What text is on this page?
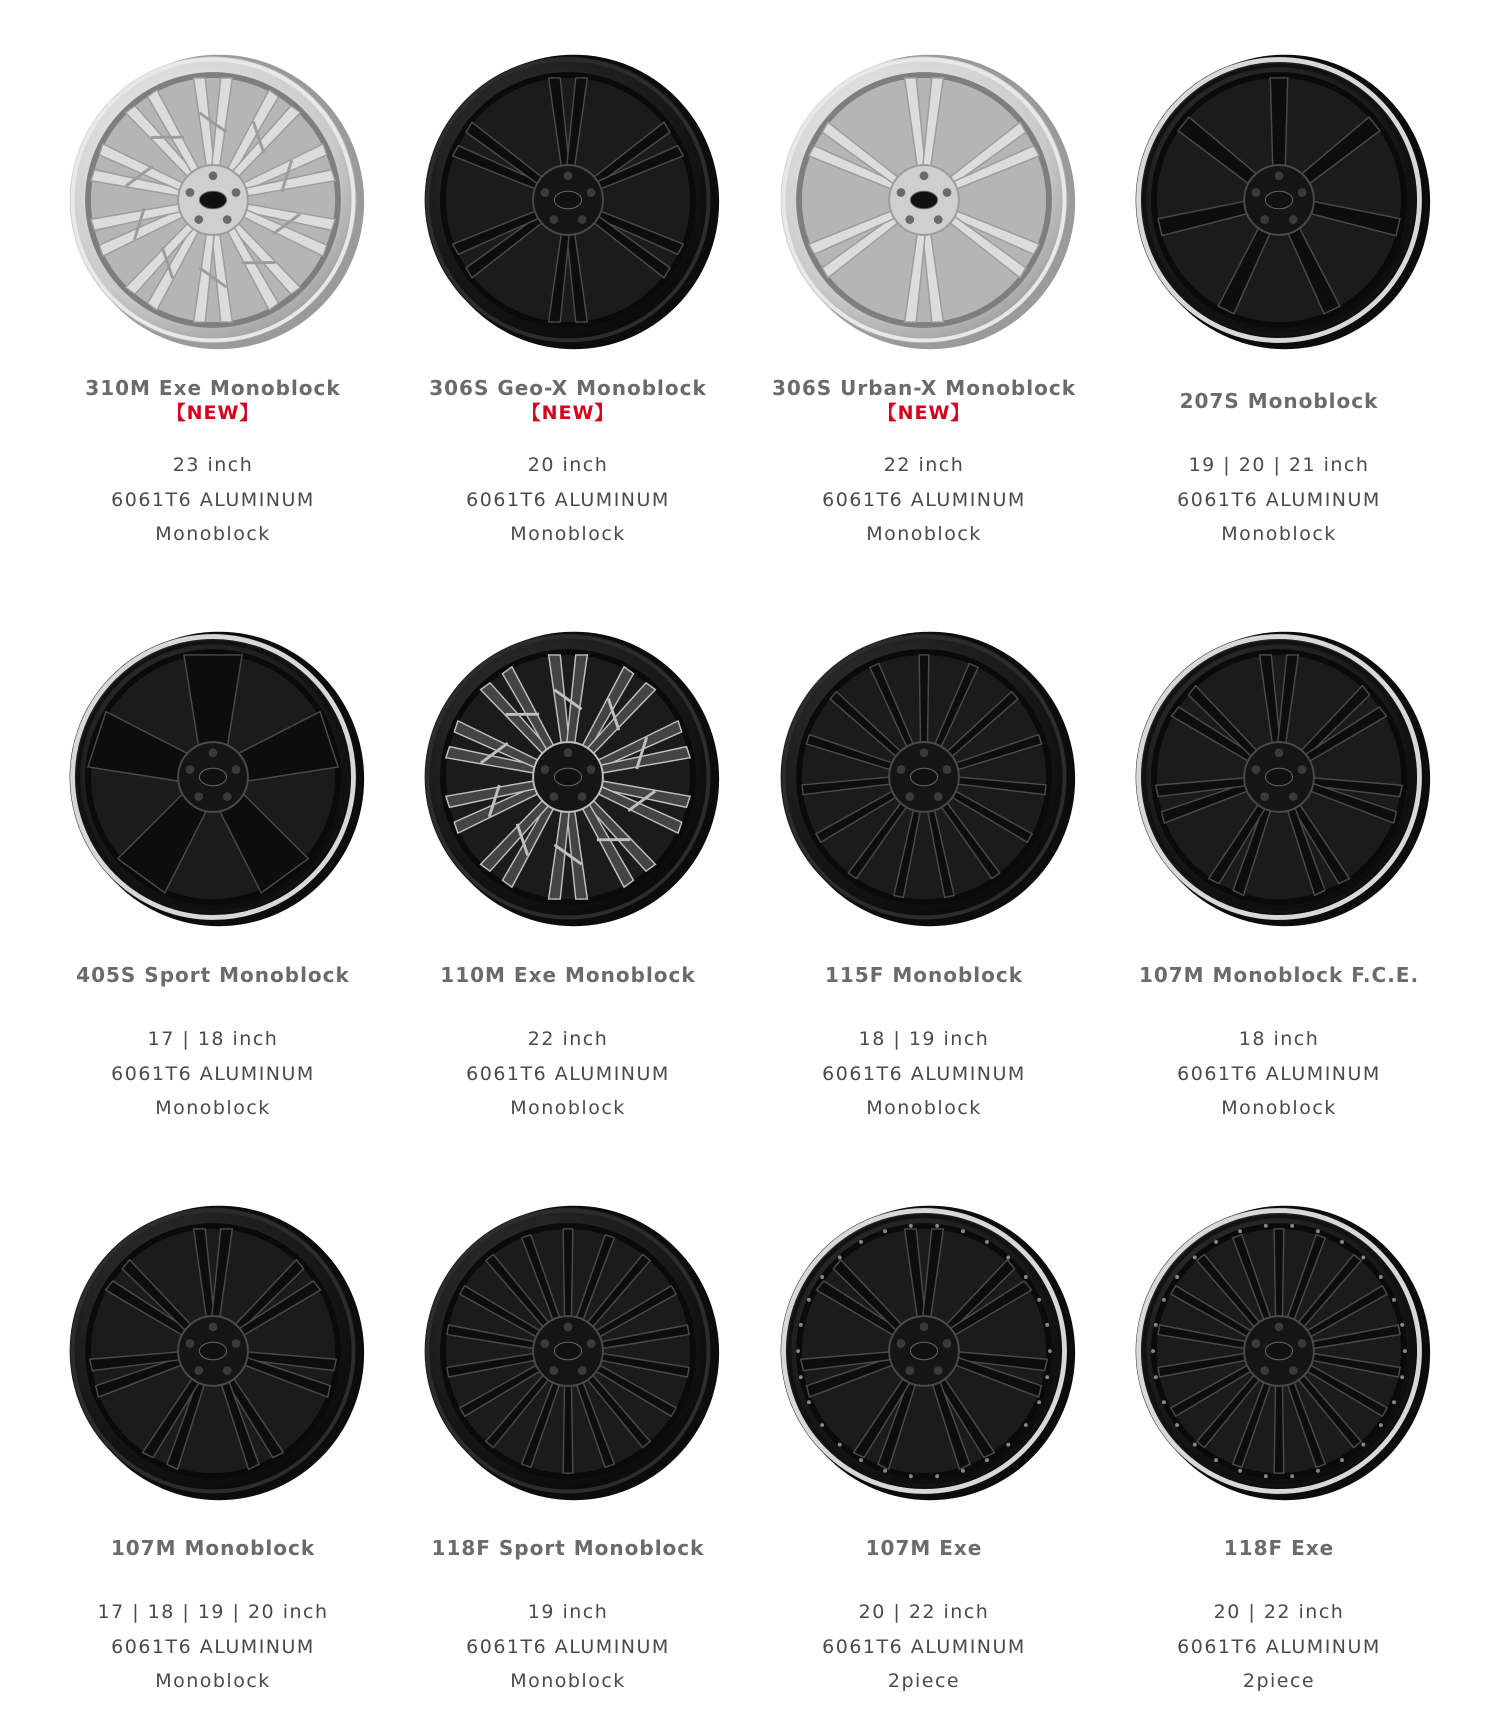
310M Exe Monoblock
【NEW】
23 inch
6061T6 ALUMINUM
Monoblock
306S Geo-X Monoblock
【NEW】
20 inch
6061T6 ALUMINUM
Monoblock
306S Urban-X Monoblock
【NEW】
22 inch
6061T6 ALUMINUM
Monoblock
207S Monoblock
19 | 20 | 21 inch
6061T6 ALUMINUM
Monoblock
405S Sport Monoblock
17 | 18 inch
6061T6 ALUMINUM
Monoblock
110M Exe Monoblock
22 inch
6061T6 ALUMINUM
Monoblock
115F Monoblock
18 | 19 inch
6061T6 ALUMINUM
Monoblock
107M Monoblock F.C.E.
18 inch
6061T6 ALUMINUM
Monoblock
107M Monoblock
17 | 18 | 19 | 20 inch
6061T6 ALUMINUM
Monoblock
118F Sport Monoblock
19 inch
6061T6 ALUMINUM
Monoblock
107M Exe
20 | 22 inch
6061T6 ALUMINUM
2piece
118F Exe
20 | 22 inch
6061T6 ALUMINUM
2piece
